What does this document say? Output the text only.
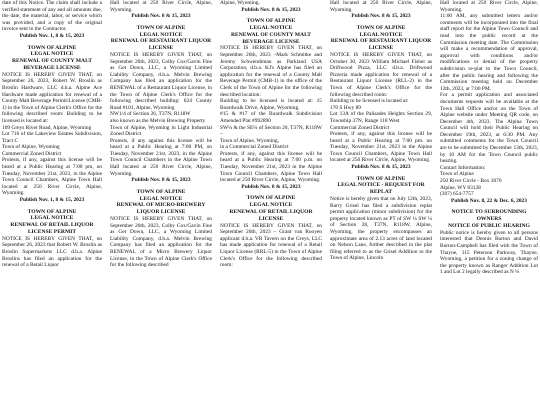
date of this Notice. The claim shall include a verified statement of any and all amounts due, the date, the material, labor, or service which was provided, and a copy of the original invoice sent to the Contractor.

Publish Nov. 1, 8 & 15, 2023

TOWN OF ALPINE

LEGAL NOTICE

RENEWAL OF COUNTY MALT BEVERAGE LICENSE

NOTICE IS HEREBY GIVEN THAT, on September 26, 2023, Robert W. Broslin as Broslin Hardware, LLC d.b.a. Alpine Ace Hardware made application for renewal of a County Malt Beverage Permit/License (CMB-1) in the Town of Alpine Clerk's Office for the following described room: Building to be licensed is located at:

109 Greys River Road, Alpine, Wyoming

Lot 716 of the Lakeview Estates Subdivision, Tract C

Town of Alpine, Wyoming

Commercial Zoned District

Protests, if any, against this license will be heard at a Public Hearing at 7:00 pm, on Tuesday, November 21st, 2023, in the Alpine Town Council Chambers, Alpine Town Hall located at 250 River Circle, Alpine, Wyoming.

Publish Nov. 1, 8 & 15, 2023

TOWN OF ALPINE

LEGAL NOTICE

RENEWAL OF RETAIL LIQUOR LICENSE PERMIT

NOTICE IS HEREBY GIVEN THAT, on September 26, 2023 that Robert W. Broslin as Broslin Supermarkets LLC d.b.a. Alpine Broslins has filed an application for the renewal of a Retail Liquor

Hall located at 250 River Circle, Alpine, Wyoming.

Publish Nov. 8 & 15, 2023

TOWN OF ALPINE

LEGAL NOTICE

RENEWAL OF RESTAURANT LIQUOR LICENSE

NOTICE IS HEREBY GIVEN THAT, on September 26th, 2023, Colby Cox/Gavin Fine as Get Down, LLC, a Wyoming Limited Liability Company, d.b.a. Melvin Brewing Company has filed an application for the RENEWAL of a Restaurant Liquor License, in the Town of Alpine Clerk's Office for the following described building: 624 County Road #101, Alpine, Wyoming

NW1/4 of Section 26, T37N, R118W

also known as the Melvin Brewing Property

Town of Alpine, Wyoming in Light Industrial Zoned District

Protests, if any against this license will be heard at a Public Hearing at 7:00 PM, on Tuesday, November 21st, 2023, in the Alpine Town Council Chambers in the Alpine Town Hall located at 250 River Circle, Alpine, Wyoming.

Publish Nov. 8 & 15, 2023

TOWN OF ALPINE

LEGAL NOTICE

RENEWAL OF MICRO-BREWERY LIQUOR LICENSE

NOTICE IS HEREBY GIVEN THAT, on September 26th, 2023, Colby Cox/Gavin Fine as Get Down, LLC, a Wyoming Limited Liability Company, d.b.a. Melvin Brewing Company has filed an application for the RENEWAL of a Micro Brewery Liquor License, in the Town of Alpine Clerk's Office for the following described

Alpine, Wyoming.

Publish Nov. 8 & 15, 2023

TOWN OF ALPINE

LEGAL NOTICE

RENEWAL OF COUNTY MALT BEVERAGE LICENSE

NOTICE IS HEREBY GIVEN THAT, on September 26th, 2023 –Mark Schmitke and Jeremy Schwendiman as Parkland USA Corporation, d.b.a. KJ's Alpine has filed an application for the renewal of a County Malt Beverage Permit (CMB-1) in the office of the Clerk of the Town of Alpine for the following described location:

Building to be licensed is located at: 15 Boardwalk Drive, Alpine, Wyoming.

#15 & #17 of the Boardwalk Subdivision Amended Plat #992890

SW¼ & the SE¼ of Section 20, T37N, R118W –

Town of Alpine, Wyoming,

in a Commercial Zoned District

Protests, if any, against this license will be heard at a Public Hearing at 7:00 p.m. on Tuesday, November 21st, 2023 in the Alpine Town Council Chambers, Alpine Town Hall located at 250 River Circle, Alpine, Wyoming.

Publish Nov. 8 & 15, 2023

TOWN OF ALPINE

LEGAL NOTICE

RENEWAL OF RETAIL LIQUOR LICENSE

NOTICE IS HEREBY GIVEN THAT, on September 26th, 2023 – Grant van Rooyen applicant d.b.a. VR Tavern on the Greys, LLC has made application for renewal of a Retail Liquor License (RRL-5) in the Town of Alpine Clerk's Office for the following described room:

Hall located at 250 River Circle, Alpine, Wyoming.

Publish Nov. 8 & 15, 2023

TOWN OF ALPINE

LEGAL NOTICE

RENEWAL OF RESTAURANT LIQUOR LICENSE

NOTICE IS HEREBY GIVEN THAT, on October 30, 2023 William Michael Fisher as Driftwood Pizza, LLC d.b.a. Driftwood Pizzeria made application for renewal of a Restaurant Liquor License (RLL-2) in the Town of Alpine Clerk's Office for the following described room:

Building to be licensed is located at:

170 S Hwy 89

Lot 13A of the Palisades Heights Section 29, Township 37N, Range 118 West

Commercial Zoned District

Protests, if any, against this license will be heard at a Public Hearing at 7:00 pm. on Tuesday, November 21st, 2023 in the Alpine Town Council Chambers, Alpine Town Hall located at 250 River Circle, Alpine, Wyoming.

Publish Nov. 8 & 15, 2023

TOWN OF ALPINE

LEGAL NOTICE - REQUEST FOR REPLAT

Notice is hereby given that on July 12th, 2023, Barry Grisel has filed a subdivision replat permit application (minor subdivision) for the property located known as PT of SW ¼ SW ¼ of Section 28, T37N, R118W, Alpine, Wyoming, the property encompasses an approximate area of 2.13 acres of land located on Nelson Lane, further described in the plat filing referred to as the Grisel Addition to the Town of Alpine, Lincoln

Hall located at 250 River Circle, Alpine, Wyoming.

11:00 AM, any submitted letters and/or comments will be incorporated into the final staff report for the Alpine Town Council and read into the public record at the Commission meeting date. The Commission will make a recommendation of approval, approval with conditions and/or modifications or denial of the property subdivision re-plat to the Town Council, after the public hearing and following the Commission meeting held on December 12th, 2023, at 7:00 PM.

For a permit application and associated documents requests will be available at the Town Hall Office and/or on the Town of Alpine website under Meeting QR code, on December 4th, 2023. The Alpine Town Council will hold their Public Hearing on December 19th, 2023, at 6:30 PM. Any submitted comments for the Town Council are to be submitted by December 13th, 2023, by 10 AM for the Town Council public hearing.

Contact Information:

Town of Alpine

250 River Circle - Box 3070

Alpine, WY 83128

(307) 654-7757

Publish Nov. 8, 22 & Dec. 6, 2023

NOTICE TO SURROUNDING OWNERS

NOTICE OF PUBLIC HEARING

Public notice is hereby given to all persons interested that Dennis Burton and David Burton-Campbell has filed with the Town of Thayne, 115 Peterson Parkway, Thayne, Wyoming, a petition for a zoning change of the property known as Ranger Addition Lot 1 and Lot 2 legally described as N ¼
